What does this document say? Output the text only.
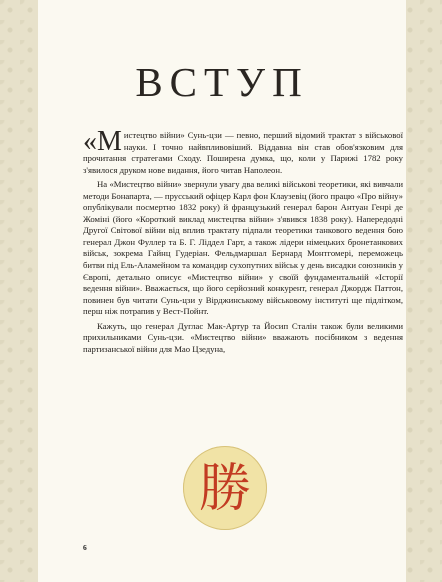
ВСТУП

«Мистецтво війни» Сунь-цзи — певно, перший відомий трактат з військової науки. І точно найвпливовіший. Віддавна він став обов'язковим для прочитання стратегами Сходу. Поширена думка, що, коли у Парижі 1782 року з'явилося друком нове видання, його читав Наполеон.

На «Мистецтво війни» звернули увагу два великі військові теоретики, які вивчали методи Бонапарта, — прусський офіцер Карл фон Клаузевіц (його працю «Про війну» опублікували посмертно 1832 року) й французький генерал барон Антуан Генрі де Жоміні (його «Короткий виклад мистецтва війни» з'явився 1838 року). Напередодні Другої Світової війни від вплив трактату підпали теоретики танкового ведення бою генерал Джон Фуллер та Б. Г. Ліддел Гарт, а також лідери німецьких бронетанкових військ, зокрема Гайнц Гудеріан. Фельдмаршал Бернард Монтгомері, переможець битви під Ель-Аламейном та командир сухопутних військ у день висадки союзників у Європі, детально описує «Мистецтво війни» у своїй фундаментальній «Історії ведення війни». Вважається, що його серйозний конкурент, генерал Джордж Паттон, повинен був читати Сунь-цзи у Вірджинському військовому інституті ще підлітком, перш ніж потрапив у Вест-Пойнт.

Кажуть, що генерал Дуглас Мак-Артур та Йосип Сталін також були великими прихильниками Сунь-цзи. «Мистецтво війни» вважають посібником з ведення партизанської війни для Мао Цзедуна,

6
勝
